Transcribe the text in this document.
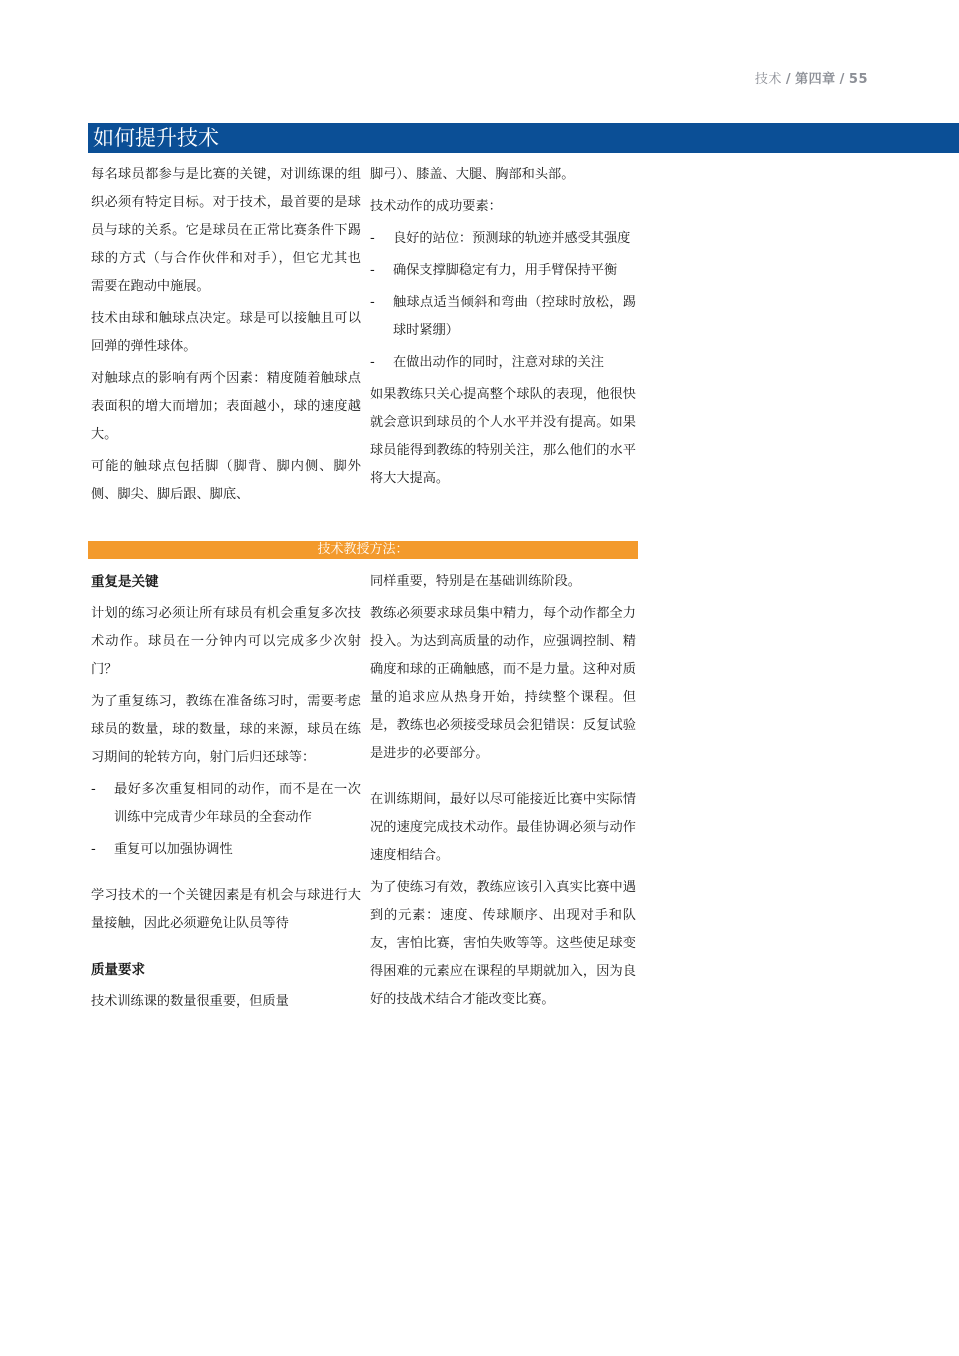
技术 / 第四章 / 55
如何提升技术

每名球员都参与是比赛的关键，对训练课的组织必须有特定目标。对于技术，最首要的是球员与球的关系。它是球员在正常比赛条件下踢球的方式（与合作伙伴和对手），但它尤其也需要在跑动中施展。

技术由球和触球点决定。球是可以接触且可以回弹的弹性球体。

对触球点的影响有两个因素：精度随着触球点表面积的增大而增加；表面越小，球的速度越大。

可能的触球点包括脚（脚背、脚内侧、脚外侧、脚尖、脚后跟、脚底、

脚弓）、膝盖、大腿、胸部和头部。

技术动作的成功要素：

- 良好的站位：预测球的轨迹并感受其强度
- 确保支撑脚稳定有力，用手臂保持平衡
- 触球点适当倾斜和弯曲（控球时放松，踢球时紧绷）
- 在做出动作的同时，注意对球的关注

如果教练只关心提高整个球队的表现，他很快就会意识到球员的个人水平并没有提高。如果球员能得到教练的特别关注，那么他们的水平将大大提高。

技术教授方法：
重复是关键

计划的练习必须让所有球员有机会重复多次技术动作。球员在一分钟内可以完成多少次射门？

为了重复练习，教练在准备练习时，需要考虑球员的数量，球的数量，球的来源，球员在练习期间的轮转方向，射门后归还球等：

- 最好多次重复相同的动作，而不是在一次训练中完成青少年球员的全套动作
- 重复可以加强协调性

学习技术的一个关键因素是有机会与球进行大量接触，因此必须避免让队员等待

质量要求

技术训练课的数量很重要，但质量

同样重要，特别是在基础训练阶段。

教练必须要求球员集中精力，每个动作都全力投入。为达到高质量的动作，应强调控制、精确度和球的正确触感，而不是力量。这种对质量的追求应从热身开始，持续整个课程。但是，教练也必须接受球员会犯错误：反复试验是进步的必要部分。

在训练期间，最好以尽可能接近比赛中实际情况的速度完成技术动作。最佳协调必须与动作速度相结合。

为了使练习有效，教练应该引入真实比赛中遇到的元素：速度、传球顺序、出现对手和队友，害怕比赛，害怕失败等等。这些使足球变得困难的元素应在课程的早期就加入，因为良好的技战术结合才能改变比赛。
